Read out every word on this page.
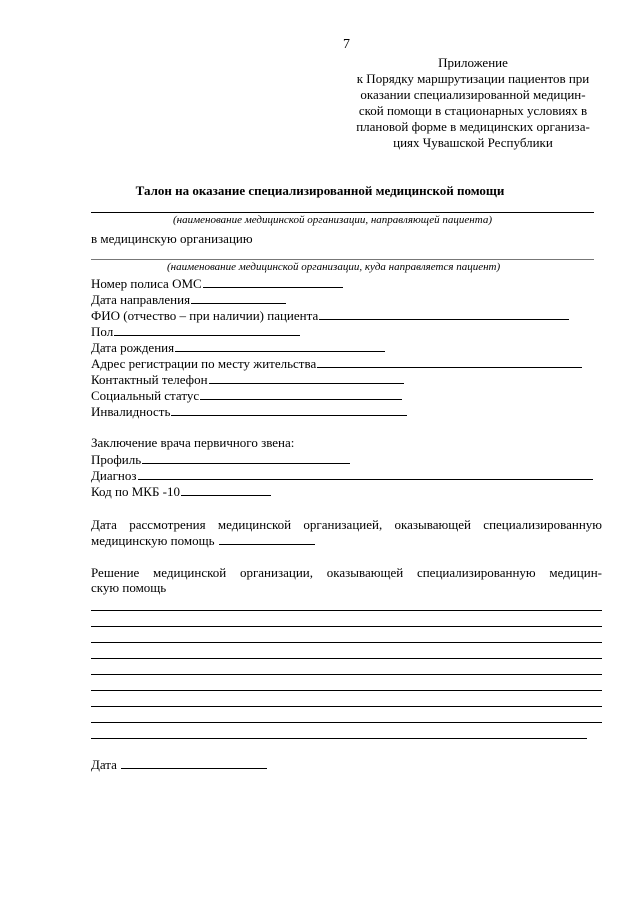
7
Приложение
к Порядку маршрутизации пациентов при
оказании специализированной медицин-
ской помощи в стационарных условиях в
плановой форме в медицинских организа-
циях Чувашской Республики
Талон на оказание специализированной медицинской помощи
(наименование медицинской организации, направляющей пациента)
в медицинскую организацию
(наименование медицинской организации, куда направляется пациент)
Номер полиса ОМС
Дата направления
ФИО (отчество – при наличии) пациента
Пол
Дата рождения
Адрес регистрации по месту жительства
Контактный телефон
Социальный статус
Инвалидность
Заключение врача первичного звена:
Профиль
Диагноз
Код по МКБ -10
Дата рассмотрения медицинской организацией, оказывающей специализированную
медицинскую помощь
Решение медицинской организации, оказывающей специализированную медицин-
скую помощь
Дата
